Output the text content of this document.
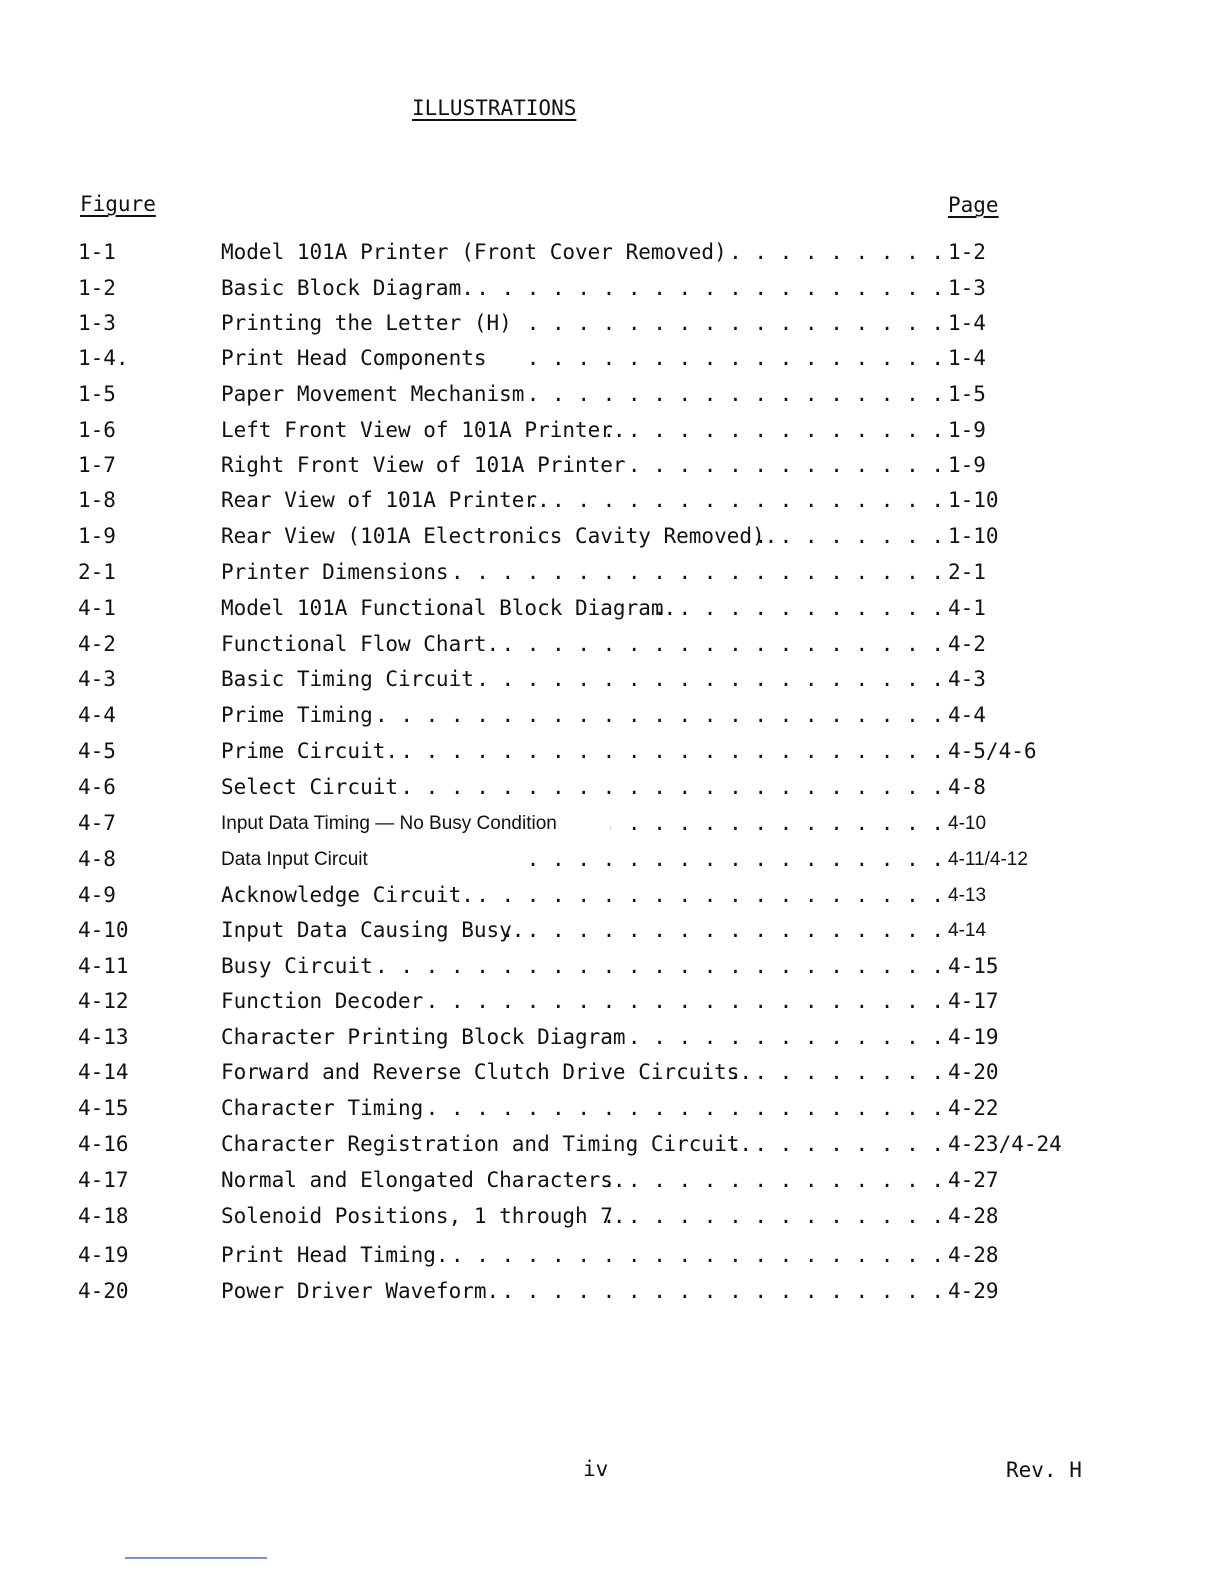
ILLUSTRATIONS
Figure	Page
1-1	Model 101A Printer (Front Cover Removed) . . .	1-2
1-2	Basic Block Diagram. . . .	1-3
1-3	Printing the Letter (H) . . .	1-4
1-4.	Print Head Components . . .	1-4
1-5	Paper Movement Mechanism . . .	1-5
1-6	Left Front View of 101A Printer. . . .	1-9
1-7	Right Front View of 101A Printer . . .	1-9
1-8	Rear View of 101A Printer. . . .	1-10
1-9	Rear View (101A Electronics Cavity Removed). . . .	1-10
2-1	Printer Dimensions . . .	2-1
4-1	Model 101A Functional Block Diagram. . . .	4-1
4-2	Functional Flow Chart. . . .	4-2
4-3	Basic Timing Circuit . . .	4-3
4-4	Prime Timing . . .	4-4
4-5	Prime Circuit. . . .	4-5/4-6
4-6	Select Circuit . . .	4-8
4-7	Input Data Timing — No Busy Condition . . .	4-10
4-8	Data Input Circuit . . .	4-11/4-12
4-9	Acknowledge Circuit. . . .	4-13
4-10	Input Data Causing Busy. . . .	4-14
4-11	Busy Circuit . . .	4-15
4-12	Function Decoder . . .	4-17
4-13	Character Printing Block Diagram . . .	4-19
4-14	Forward and Reverse Clutch Drive Circuits. . . .	4-20
4-15	Character Timing . . .	4-22
4-16	Character Registration and Timing Circuit. . . .	4-23/4-24
4-17	Normal and Elongated Characters. . . .	4-27
4-18	Solenoid Positions, 1 through 7. . . .	4-28
4-19	Print Head Timing. . . .	4-28
4-20	Power Driver Waveform. . . .	4-29
iv	Rev. H
